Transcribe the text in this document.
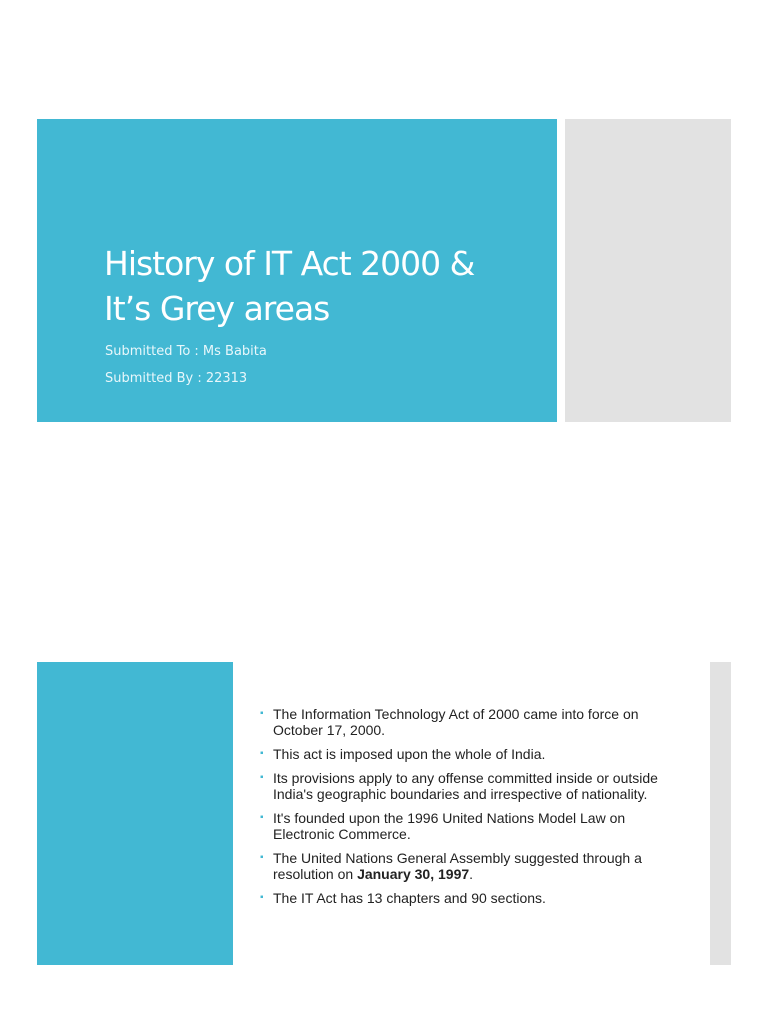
History of IT Act 2000 &
It’s Grey areas
Submitted To : Ms Babita
Submitted By : 22313
▪ The Information Technology Act of 2000 came into force on October 17, 2000.
▪ This act is imposed upon the whole of India.
▪ Its provisions apply to any offense committed inside or outside India's geographic boundaries and irrespective of nationality.
▪ It's founded upon the 1996 United Nations Model Law on Electronic Commerce.
▪ The United Nations General Assembly suggested through a resolution on January 30, 1997.
▪ The IT Act has 13 chapters and 90 sections.
